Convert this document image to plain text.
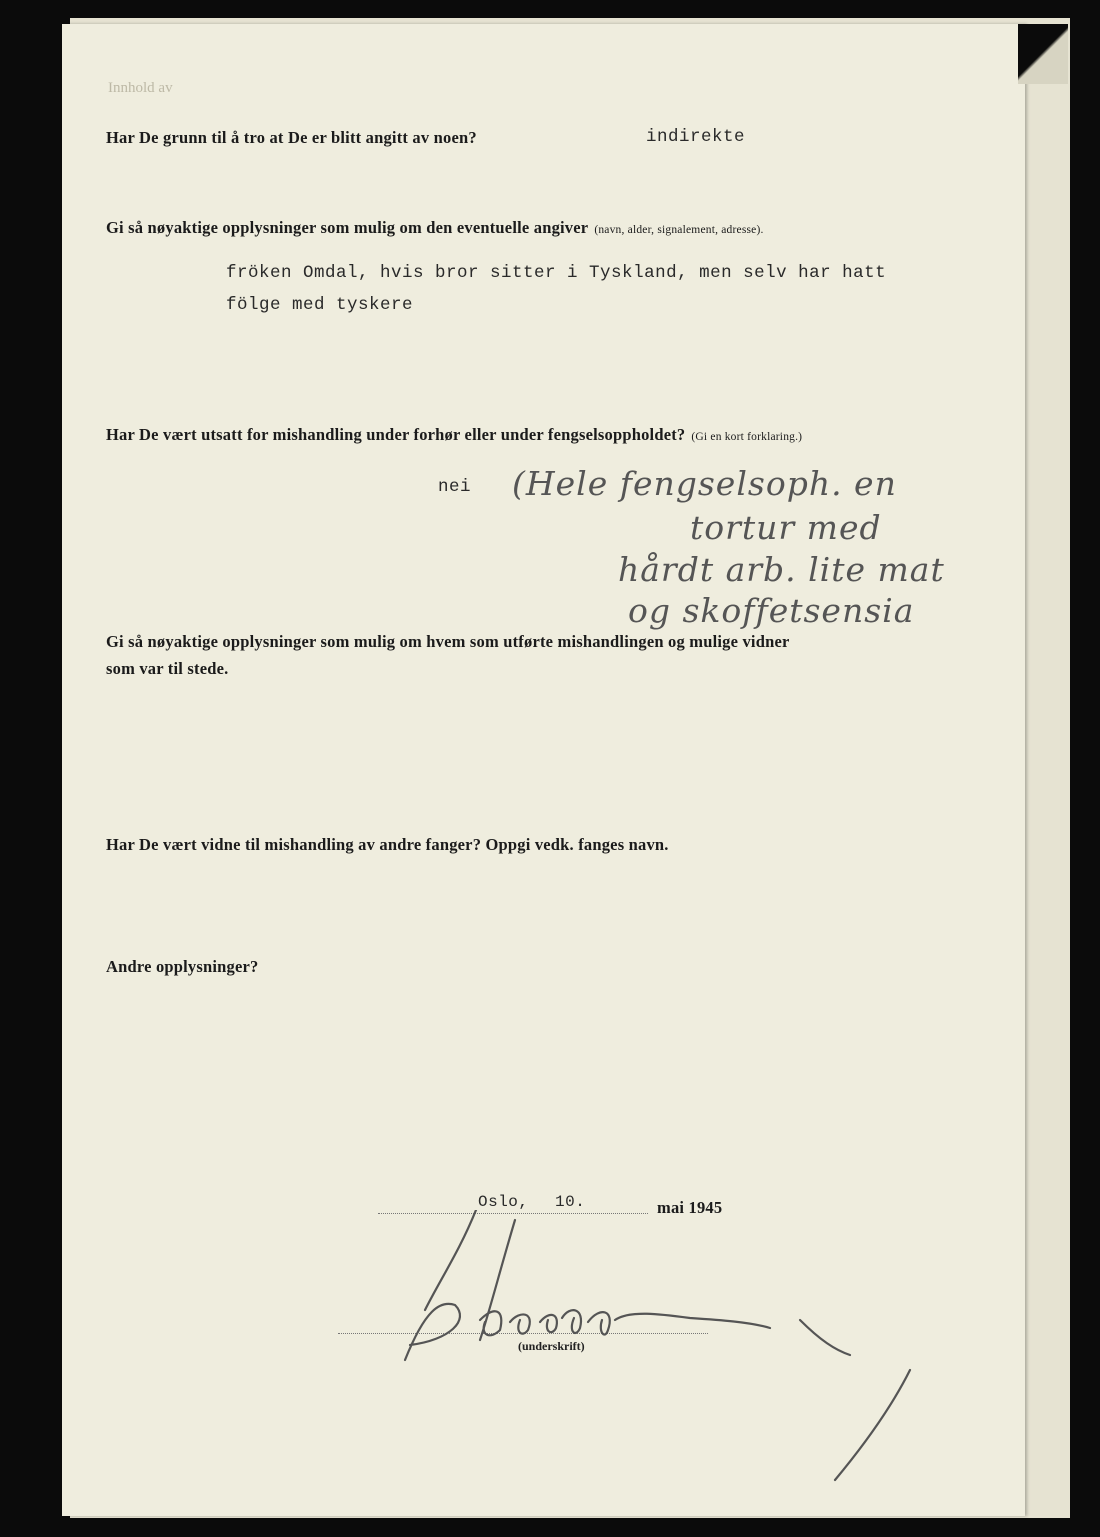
Innhold av
Har De grunn til å tro at De er blitt angitt av noen?	indirekte
Gi så nøyaktige opplysninger som mulig om den eventuelle angiver (navn, alder, signalement, adresse).
fröken Omdal, hvis bror sitter i Tyskland, men selv har hatt
fölge med tyskere
Har De vært utsatt for mishandling under forhør eller under fengselsoppholdet? (Gi en kort forklaring.)
nei (Hele fengselsoph. en
tortur med
hårdt arb. lite mat
og skoffetsensia
Gi så nøyaktige opplysninger som mulig om hvem som utførte mishandlingen og mulige vidner
som var til stede.
Har De vært vidne til mishandling av andre fanger? Oppgi vedk. fanges navn.
Andre opplysninger?
Oslo, 10.	mai 1945
(underskrift)
